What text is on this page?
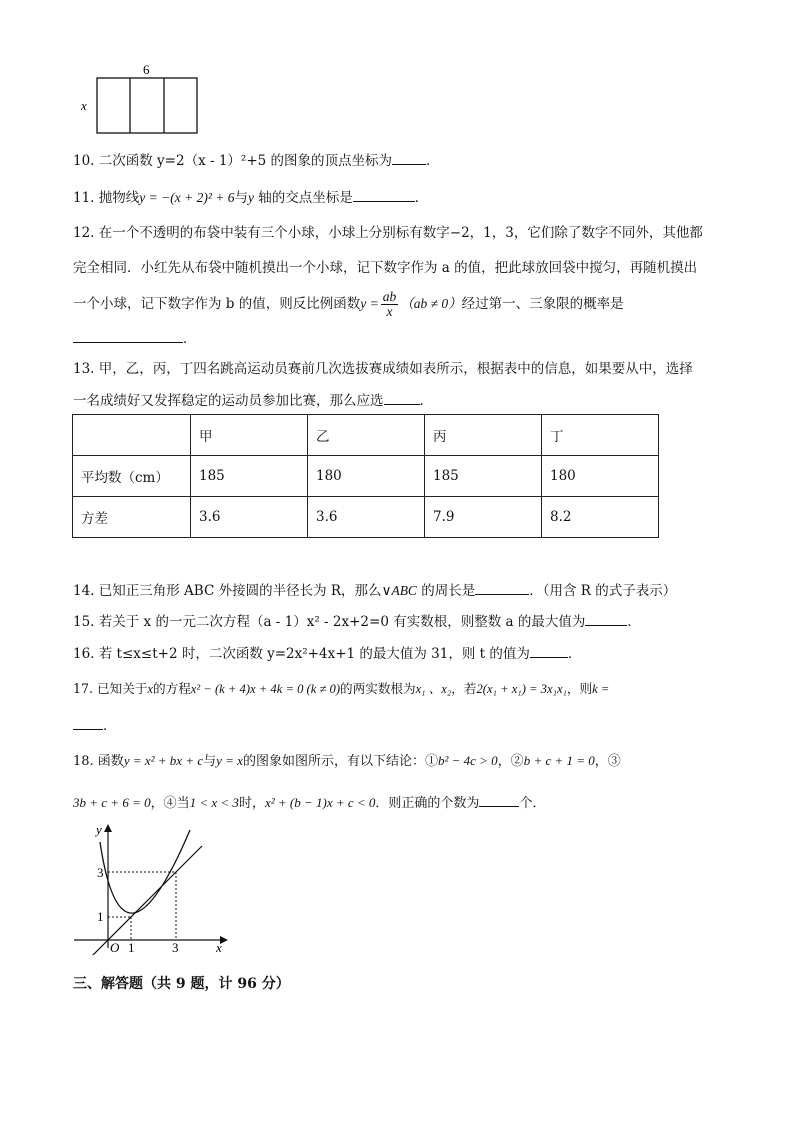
6
x
10. 二次函数 y=2（x - 1）²+5 的图象的顶点坐标为	．
11. 抛物线y = −(x + 2)² + 6与y 轴的交点坐标是	．
12. 在一个不透明的布袋中装有三个小球，小球上分别标有数字−2，1，3，它们除了数字不同外，其他都
完全相同．小红先从布袋中随机摸出一个小球，记下数字作为 a 的值，把此球放回袋中搅匀，再随机摸出
一个小球，记下数字作为 b 的值，则反比例函数$y = \frac{ab}{x} (ab \ne 0)$经过第一、三象限的概率是
．
13. 甲，乙，丙，丁四名跳高运动员赛前几次选拔赛成绩如表所示，根据表中的信息，如果要从中，选择
一名成绩好又发挥稳定的运动员参加比赛，那么应选	．
	甲	乙	丙	丁
平均数（cm）	185	180	185	180
方差	3.6	3.6	7.9	8.2
14. 已知正三角形 ABC 外接圆的半径长为 R，那么∨ABC 的周长是	．（用含 R 的式子表示）
15. 若关于 x 的一元二次方程（a - 1）x² - 2x+2=0 有实数根，则整数 a 的最大值为	．
16. 若 t≤x≤t+2 时，二次函数 y=2x²+4x+1 的最大值为 31，则 t 的值为	．
17. 已知关于x的方程x² − (k + 4)x + 4k = 0 (k ≠ 0)的两实数根为x₁ 、x₂，若2(x₁ + x₁) = 3x₁x₁，则k =
．
18. 函数y = x² + bx + c与y = x的图象如图所示，有以下结论：①b² − 4c > 0，②b + c + 1 = 0，③
3b + c + 6 = 0，④当1 < x < 3时，x² + (b − 1)x + c < 0．则正确的个数为	个．
y
x
O 1	3
1
3
三、解答题（共 9 题，计 96 分）
